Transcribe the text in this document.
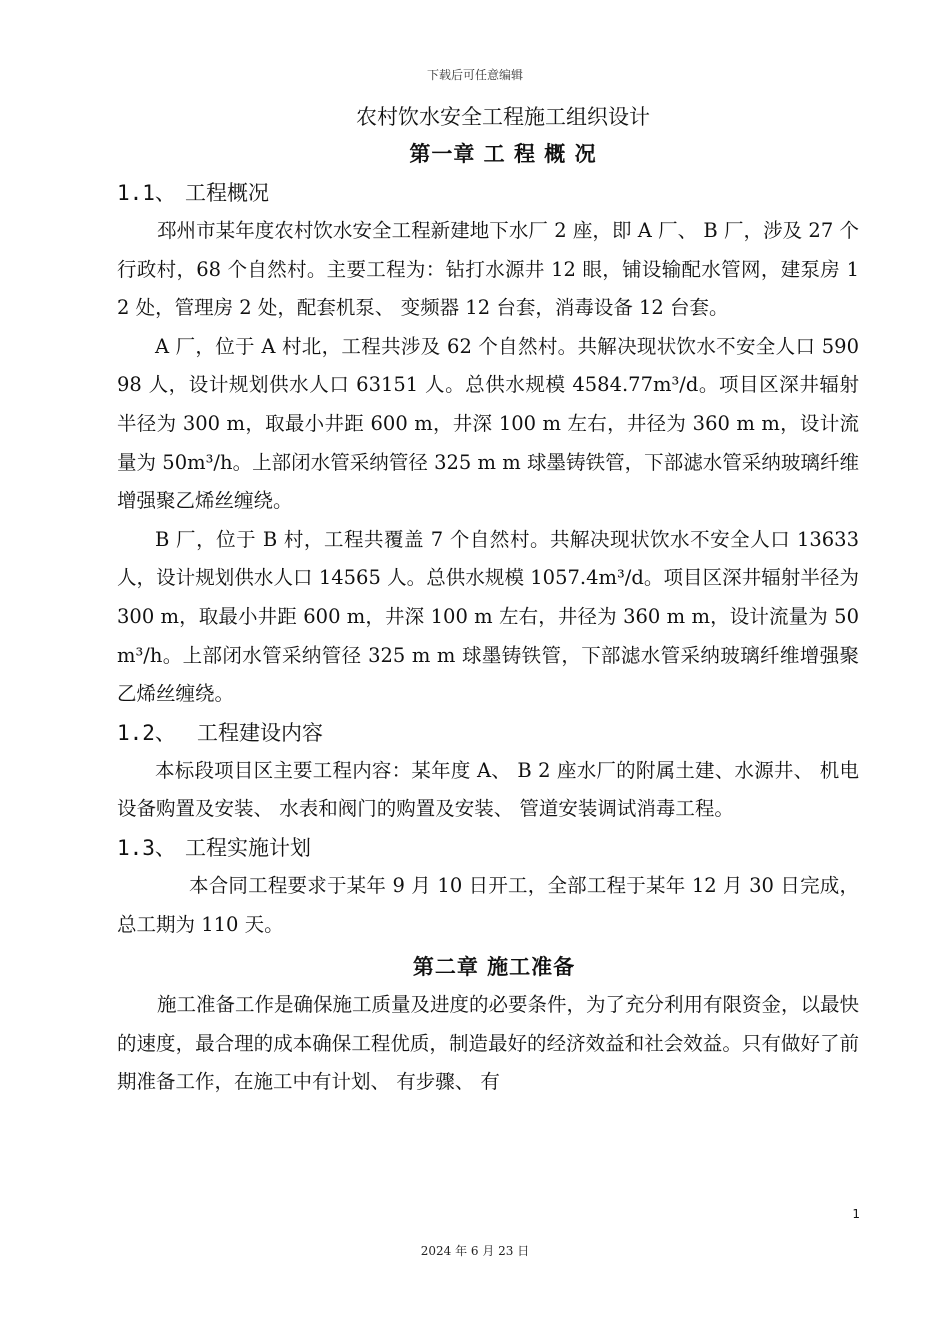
下载后可任意编辑
农村饮水安全工程施工组织设计
第一章 工 程 概 况
1.1、 工程概况

邳州市某年度农村饮水安全工程新建地下水厂 2 座，即 A 厂、 B 厂，涉及 27 个行政村，68 个自然村。主要工程为：钻打水源井 12 眼，铺设输配水管网，建泵房 12 处，管理房 2 处，配套机泵、 变频器 12 台套，消毒设备 12 台套。

A 厂，位于 A 村北，工程共涉及 62 个自然村。共解决现状饮水不安全人口 59098 人，设计规划供水人口 63151 人。总供水规模 4584.77m³/d。项目区深井辐射半径为 300 m，取最小井距 600 m，井深 100 m 左右，井径为 360 m m，设计流量为 50m³/h。上部闭水管采纳管径 325 m m 球墨铸铁管，下部滤水管采纳玻璃纤维增强聚乙烯丝缠绕。

B 厂，位于 B 村，工程共覆盖 7 个自然村。共解决现状饮水不安全人口 13633 人，设计规划供水人口 14565 人。总供水规模 1057.4m³/d。项目区深井辐射半径为 300 m，取最小井距 600 m，井深 100 m 左右，井径为 360 m m，设计流量为 50m³/h。上部闭水管采纳管径 325 m m 球墨铸铁管，下部滤水管采纳玻璃纤维增强聚乙烯丝缠绕。

1.2、 工程建设内容

本标段项目区主要工程内容：某年度 A、 B 2 座水厂的附属土建、水源井、 机电设备购置及安装、 水表和阀门的购置及安装、 管道安装调试消毒工程。

1.3、 工程实施计划

本合同工程要求于某年 9 月 10 日开工，全部工程于某年 12 月 30 日完成，总工期为 110 天。

第二章 施工准备

施工准备工作是确保施工质量及进度的必要条件，为了充分利用有限资金，以最快的速度，最合理的成本确保工程优质，制造最好的经济效益和社会效益。只有做好了前期准备工作，在施工中有计划、 有步骤、 有

1
2024 年 6 月 23 日
